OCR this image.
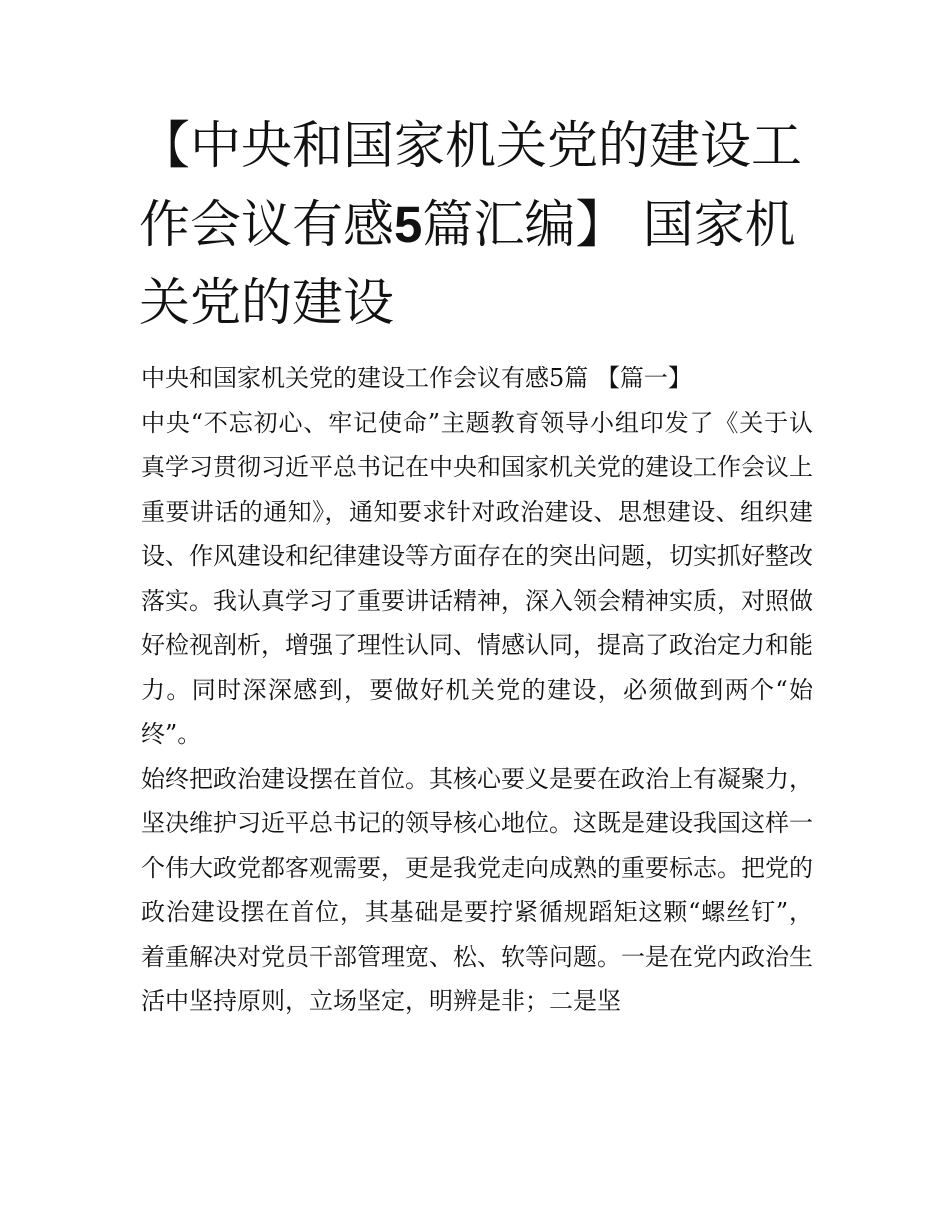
【中央和国家机关党的建设工作会议有感5篇汇编】 国家机关党的建设

中央和国家机关党的建设工作会议有感5篇 【篇一】

中央“不忘初心、牢记使命”主题教育领导小组印发了《关于认真学习贯彻习近平总书记在中央和国家机关党的建设工作会议上重要讲话的通知》，通知要求针对政治建设、思想建设、组织建设、作风建设和纪律建设等方面存在的突出问题，切实抓好整改落实。我认真学习了重要讲话精神，深入领会精神实质，对照做好检视剖析，增强了理性认同、情感认同，提高了政治定力和能力。同时深深感到，要做好机关党的建设，必须做到两个“始终”。

始终把政治建设摆在首位。其核心要义是要在政治上有凝聚力，坚决维护习近平总书记的领导核心地位。这既是建设我国这样一个伟大政党都客观需要，更是我党走向成熟的重要标志。把党的政治建设摆在首位，其基础是要拧紧循规蹈矩这颗“螺丝钉”，着重解决对党员干部管理宽、松、软等问题。一是在党内政治生活中坚持原则，立场坚定，明辨是非；二是坚
